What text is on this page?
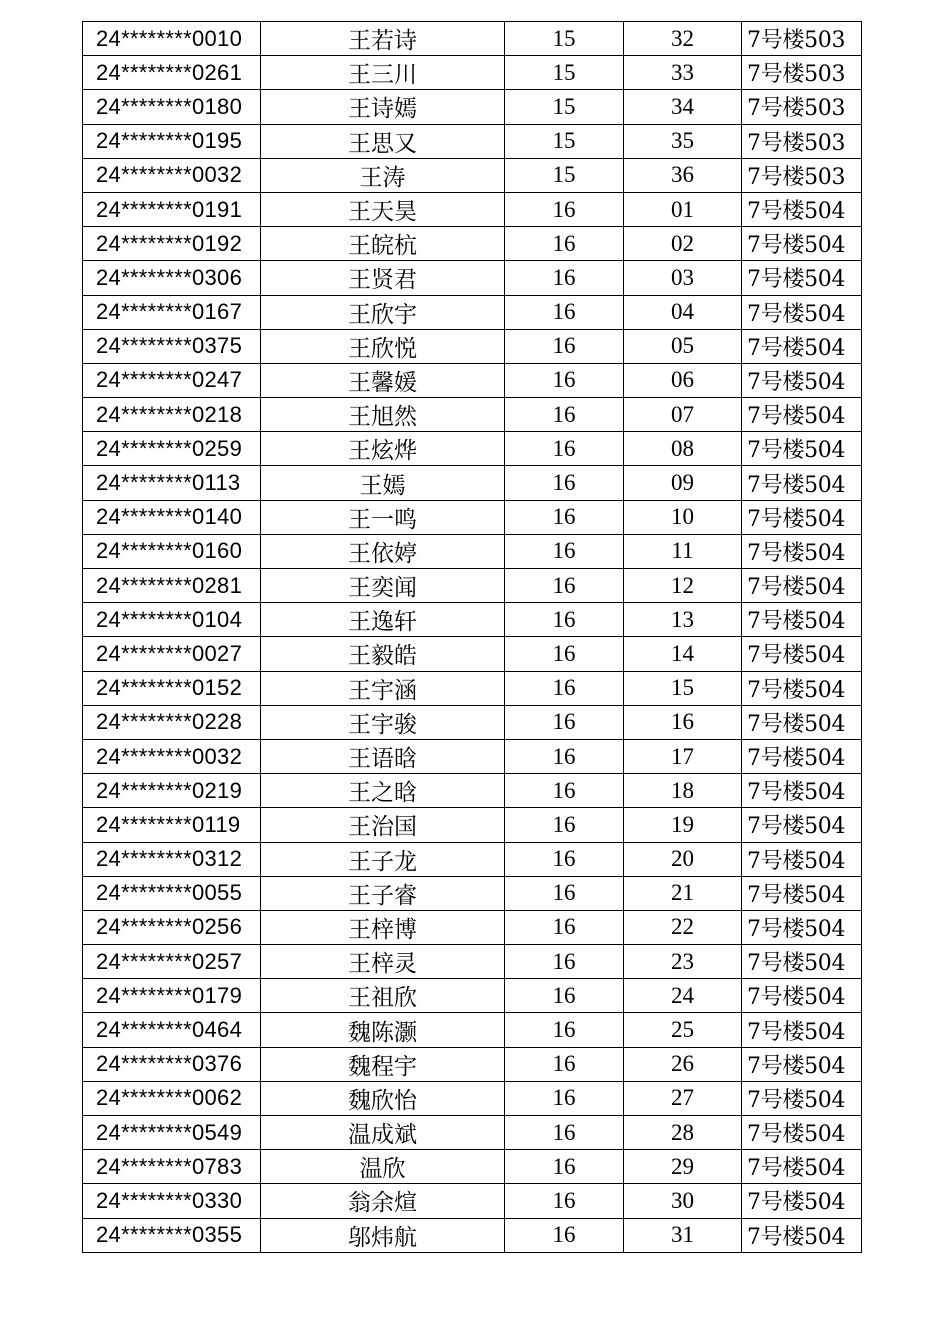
24********0010	王若诗	15	32	7号楼503
24********0261	王三川	15	33	7号楼503
24********0180	王诗嫣	15	34	7号楼503
24********0195	王思又	15	35	7号楼503
24********0032	王涛	15	36	7号楼503
24********0191	王天昊	16	01	7号楼504
24********0192	王皖杭	16	02	7号楼504
24********0306	王贤君	16	03	7号楼504
24********0167	王欣宇	16	04	7号楼504
24********0375	王欣悦	16	05	7号楼504
24********0247	王馨媛	16	06	7号楼504
24********0218	王旭然	16	07	7号楼504
24********0259	王炫烨	16	08	7号楼504
24********0113	王嫣	16	09	7号楼504
24********0140	王一鸣	16	10	7号楼504
24********0160	王依婷	16	11	7号楼504
24********0281	王奕闻	16	12	7号楼504
24********0104	王逸轩	16	13	7号楼504
24********0027	王毅皓	16	14	7号楼504
24********0152	王宇涵	16	15	7号楼504
24********0228	王宇骏	16	16	7号楼504
24********0032	王语晗	16	17	7号楼504
24********0219	王之晗	16	18	7号楼504
24********0119	王治国	16	19	7号楼504
24********0312	王子龙	16	20	7号楼504
24********0055	王子睿	16	21	7号楼504
24********0256	王梓博	16	22	7号楼504
24********0257	王梓灵	16	23	7号楼504
24********0179	王祖欣	16	24	7号楼504
24********0464	魏陈灏	16	25	7号楼504
24********0376	魏程宇	16	26	7号楼504
24********0062	魏欣怡	16	27	7号楼504
24********0549	温成斌	16	28	7号楼504
24********0783	温欣	16	29	7号楼504
24********0330	翁余煊	16	30	7号楼504
24********0355	邬炜航	16	31	7号楼504
